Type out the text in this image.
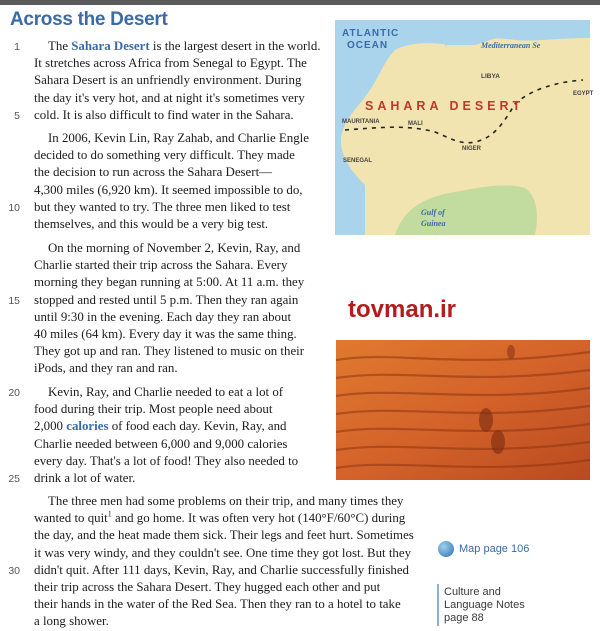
Across the Desert
1 The Sahara Desert is the largest desert in the world.
It stretches across Africa from Senegal to Egypt. The
Sahara Desert is an unfriendly environment. During
the day it's very hot, and at night it's sometimes very
5 cold. It is also difficult to find water in the Sahara.
In 2006, Kevin Lin, Ray Zahab, and Charlie Engle
decided to do something very difficult. They made
the decision to run across the Sahara Desert—
4,300 miles (6,920 km). It seemed impossible to do,
10 but they wanted to try. The three men liked to test
themselves, and this would be a very big test.
On the morning of November 2, Kevin, Ray, and
Charlie started their trip across the Sahara. Every
morning they began running at 5:00. At 11 a.m. they
15 stopped and rested until 5 p.m. Then they ran again
until 9:30 in the evening. Each day they ran about
40 miles (64 km). Every day it was the same thing.
They got up and ran. They listened to music on their
iPods, and they ran and ran.
20 Kevin, Ray, and Charlie needed to eat a lot of
food during their trip. Most people need about
2,000 calories of food each day. Kevin, Ray, and
Charlie needed between 6,000 and 9,000 calories
every day. That's a lot of food! They also needed to
25 drink a lot of water.
The three men had some problems on their trip, and many times they
wanted to quit$^1$ and go home. It was often very hot (140°F/60°C) during
the day, and the heat made them sick. Their legs and feet hurt. Sometimes
it was very windy, and they couldn't see. One time they got lost. But they
30 didn't quit. After 111 days, Kevin, Ray, and Charlie successfully finished
their trip across the Sahara Desert. They hugged each other and put
their hands in the water of the Red Sea. Then they ran to a hotel to take
a long shower.
ATLANTIC
OCEAN	Mediterranean Se
LIBYA
EGYPT
SAHARA DESERT
MAURITANIA	MALI
NIGER
SENEGAL
Gulf of
Guinea
tovman.ir
Map page 106
Culture and
Language Notes
page 88
